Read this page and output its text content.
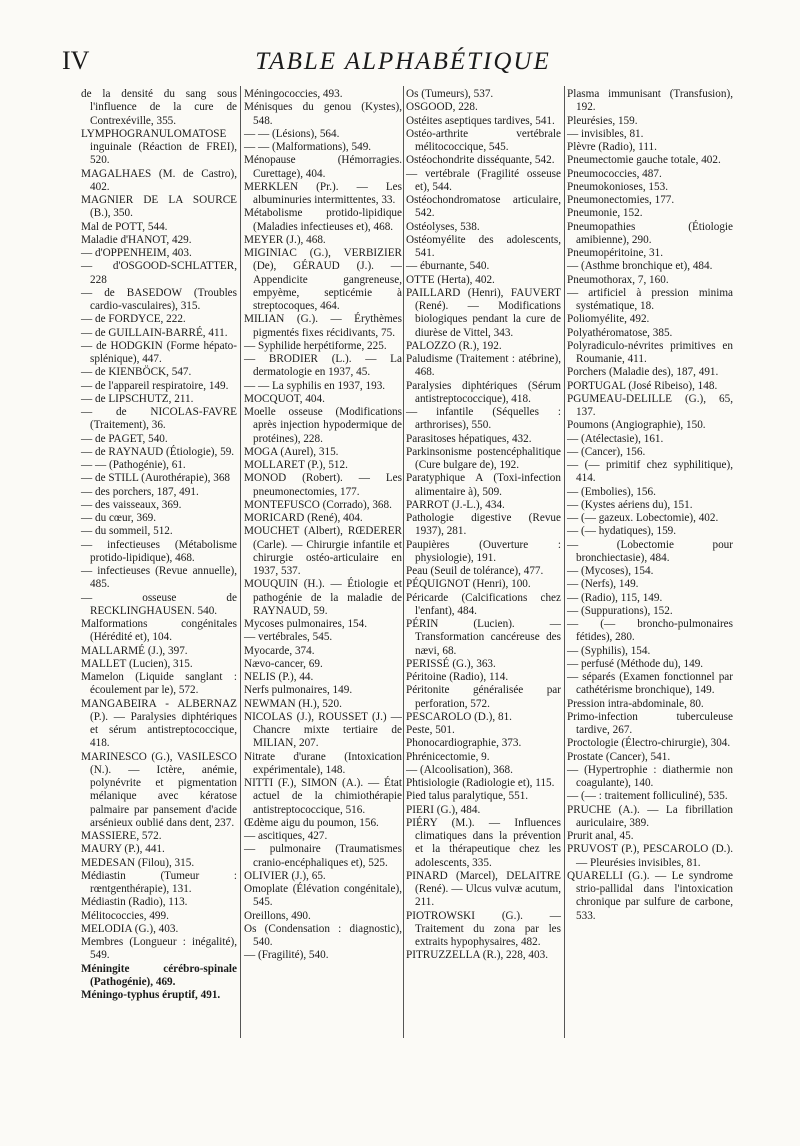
IV	TABLE ALPHABÉTIQUE

de la densité du sang sous l'influence de la cure de Contrexéville, 355.

LYMPHOGRANULOMATOSE inguinale (Réaction de FREI), 520.

MAGALHAES (M. de Castro), 402.

MAGNIER DE LA SOURCE (B.), 350.

Mal de POTT, 544.

Maladie d'HANOT, 429.

— d'OPPENHEIM, 403.

— d'OSGOOD-SCHLATTER, 228

— de BASEDOW (Troubles cardio-vasculaires), 315.

— de FORDYCE, 222.

— de GUILLAIN-BARRÉ, 411.

— de HODGKIN (Forme hépato-splénique), 447.

— de KIENBÖCK, 547.

— de l'appareil respiratoire, 149.

— de LIPSCHUTZ, 211.

— de NICOLAS-FAVRE (Traitement), 36.

— de PAGET, 540.

— de RAYNAUD (Étiologie), 59.

— — (Pathogénie), 61.

— de STILL (Aurothérapie), 368

— des porchers, 187, 491.

— des vaisseaux, 369.

— du cœur, 369.

— du sommeil, 512.

— infectieuses (Métabolisme protido-lipidique), 468.

— infectieuses (Revue annuelle), 485.

— osseuse de RECKLINGHAUSEN. 540.

Malformations congénitales (Hérédité et), 104.

MALLARMÉ (J.), 397.

MALLET (Lucien), 315.

Mamelon (Liquide sanglant : écoulement par le), 572.

MANGABEIRA - ALBERNAZ (P.). — Paralysies diphtériques et sérum antistreptococcique, 418.

MARINESCO (G.), VASILESCO (N.). — Ictère, anémie, polynévrite et pigmentation mélanique avec kératose palmaire par pansement d'acide arsénieux oublié dans dent, 237.

MASSIERE, 572.

MAURY (P.), 441.

MEDESAN (Filou), 315.

Médiastin (Tumeur : rœntgenthérapie), 131.

Médiastin (Radio), 113.

Mélitococcies, 499.

MELODIA (G.), 403.

Membres (Longueur : inégalité), 549.

Méningite cérébro-spinale (Pathogénie), 469.

Méningo-typhus éruptif, 491.

Méningococcies, 493.

Ménisques du genou (Kystes), 548.

— — (Lésions), 564.

— — (Malformations), 549.

Ménopause (Hémorragies. Curettage), 404.

MERKLEN (Pr.). — Les albuminuries intermittentes, 33.

Métabolisme protido-lipidique (Maladies infectieuses et), 468.

MEYER (J.), 468.

MIGINIAC (G.), VERBIZIER (De), GÉRAUD (J.). — Appendicite gangreneuse, empyème, septicémie à streptocoques, 464.

MILIAN (G.). — Érythèmes pigmentés fixes récidivants, 75.

— Syphilide herpétiforme, 225.

— BRODIER (L.). — La dermatologie en 1937, 45.

— — La syphilis en 1937, 193.

MOCQUOT, 404.

Moelle osseuse (Modifications après injection hypodermique de protéines), 228.

MOGA (Aurel), 315.

MOLLARET (P.), 512.

MONOD (Robert). — Les pneumonectomies, 177.

MONTEFUSCO (Corrado), 368.

MORICARD (René), 404.

MOUCHET (Albert), RŒDERER (Carle). — Chirurgie infantile et chirurgie ostéo-articulaire en 1937, 537.

MOUQUIN (H.). — Étiologie et pathogénie de la maladie de RAYNAUD, 59.

Mycoses pulmonaires, 154.

— vertébrales, 545.

Myocarde, 374.

Nævo-cancer, 69.

NELIS (P.), 44.

Nerfs pulmonaires, 149.

NEWMAN (H.), 520.

NICOLAS (J.), ROUSSET (J.) — Chancre mixte tertiaire de MILIAN, 207.

Nitrate d'urane (Intoxication expérimentale), 148.

NITTI (F.), SIMON (A.). — État actuel de la chimiothérapie antistreptococcique, 516.

Œdème aigu du poumon, 156.

— ascitiques, 427.

— pulmonaire (Traumatismes cranio-encéphaliques et), 525.

OLIVIER (J.), 65.

Omoplate (Élévation congénitale), 545.

Oreillons, 490.

Os (Condensation : diagnostic), 540.

— (Fragilité), 540.

Os (Tumeurs), 537.

OSGOOD, 228.

Ostéites aseptiques tardives, 541.

Ostéo-arthrite vertébrale mélitococcique, 545.

Ostéochondrite disséquante, 542.

— vertébrale (Fragilité osseuse et), 544.

Ostéochondromatose articulaire, 542.

Ostéolyses, 538.

Ostéomyélite des adolescents, 541.

— éburnante, 540.

OTTE (Herta), 402.

PAILLARD (Henri), FAUVERT (René). — Modifications biologiques pendant la cure de diurèse de Vittel, 343.

PALOZZO (R.), 192.

Paludisme (Traitement : atébrine), 468.

Paralysies diphtériques (Sérum antistreptococcique), 418.

— infantile (Séquelles : arthrorises), 550.

Parasitoses hépatiques, 432.

Parkinsonisme postencéphalitique (Cure bulgare de), 192.

Paratyphique A (Toxi-infection alimentaire à), 509.

PARROT (J.-L.), 434.

Pathologie digestive (Revue 1937), 281.

Paupières (Ouverture : physiologie), 191.

Peau (Seuil de tolérance), 477.

PÉQUIGNOT (Henri), 100.

Péricarde (Calcifications chez l'enfant), 484.

PÉRIN (Lucien). — Transformation cancéreuse des nævi, 68.

PERISSÉ (G.), 363.

Péritoine (Radio), 114.

Péritonite généralisée par perforation, 572.

PESCAROLO (D.), 81.

Peste, 501.

Phonocardiographie, 373.

Phrénicectomie, 9.

— (Alcoolisation), 368.

Phtisiologie (Radiologie et), 115.

Pied talus paralytique, 551.

PIERI (G.), 484.

PIÉRY (M.). — Influences climatiques dans la prévention et la thérapeutique chez les adolescents, 335.

PINARD (Marcel), DELAITRE (René). — Ulcus vulvæ acutum, 211.

PIOTROWSKI (G.). — Traitement du zona par les extraits hypophysaires, 482.

PITRUZZELLA (R.), 228, 403.

Plasma immunisant (Transfusion), 192.

Pleurésies, 159.

— invisibles, 81.

Plèvre (Radio), 111.

Pneumectomie gauche totale, 402.

Pneumococcies, 487.

Pneumokonioses, 153.

Pneumonectomies, 177.

Pneumonie, 152.

Pneumopathies (Étiologie amibienne), 290.

Pneumopéritoine, 31.

— (Asthme bronchique et), 484.

Pneumothorax, 7, 160.

— artificiel à pression minima systématique, 18.

Poliomyélite, 492.

Polyathéromatose, 385.

Polyradiculo-névrites primitives en Roumanie, 411.

Porchers (Maladie des), 187, 491.

PORTUGAL (José Ribeiso), 148.

PGUMEAU-DELILLE (G.), 65, 137.

Poumons (Angiographie), 150.

— (Atélectasie), 161.

— (Cancer), 156.

— (— primitif chez syphilitique), 414.

— (Embolies), 156.

— (Kystes aériens du), 151.

— (— gazeux. Lobectomie), 402.

— (— hydatiques), 159.

— (Lobectomie pour bronchiectasie), 484.

— (Mycoses), 154.

— (Nerfs), 149.

— (Radio), 115, 149.

— (Suppurations), 152.

— (— broncho-pulmonaires fétides), 280.

— (Syphilis), 154.

— perfusé (Méthode du), 149.

— séparés (Examen fonctionnel par cathétérisme bronchique), 149.

Pression intra-abdominale, 80.

Primo-infection tuberculeuse tardive, 267.

Proctologie (Électro-chirurgie), 304.

Prostate (Cancer), 541.

— (Hypertrophie : diathermie non coagulante), 140.

— (— : traitement folliculiné), 535.

PRUCHE (A.). — La fibrillation auriculaire, 389.

Prurit anal, 45.

PRUVOST (P.), PESCAROLO (D.). — Pleurésies invisibles, 81.

QUARELLI (G.). — Le syndrome strio-pallidal dans l'intoxication chronique par sulfure de carbone, 533.
